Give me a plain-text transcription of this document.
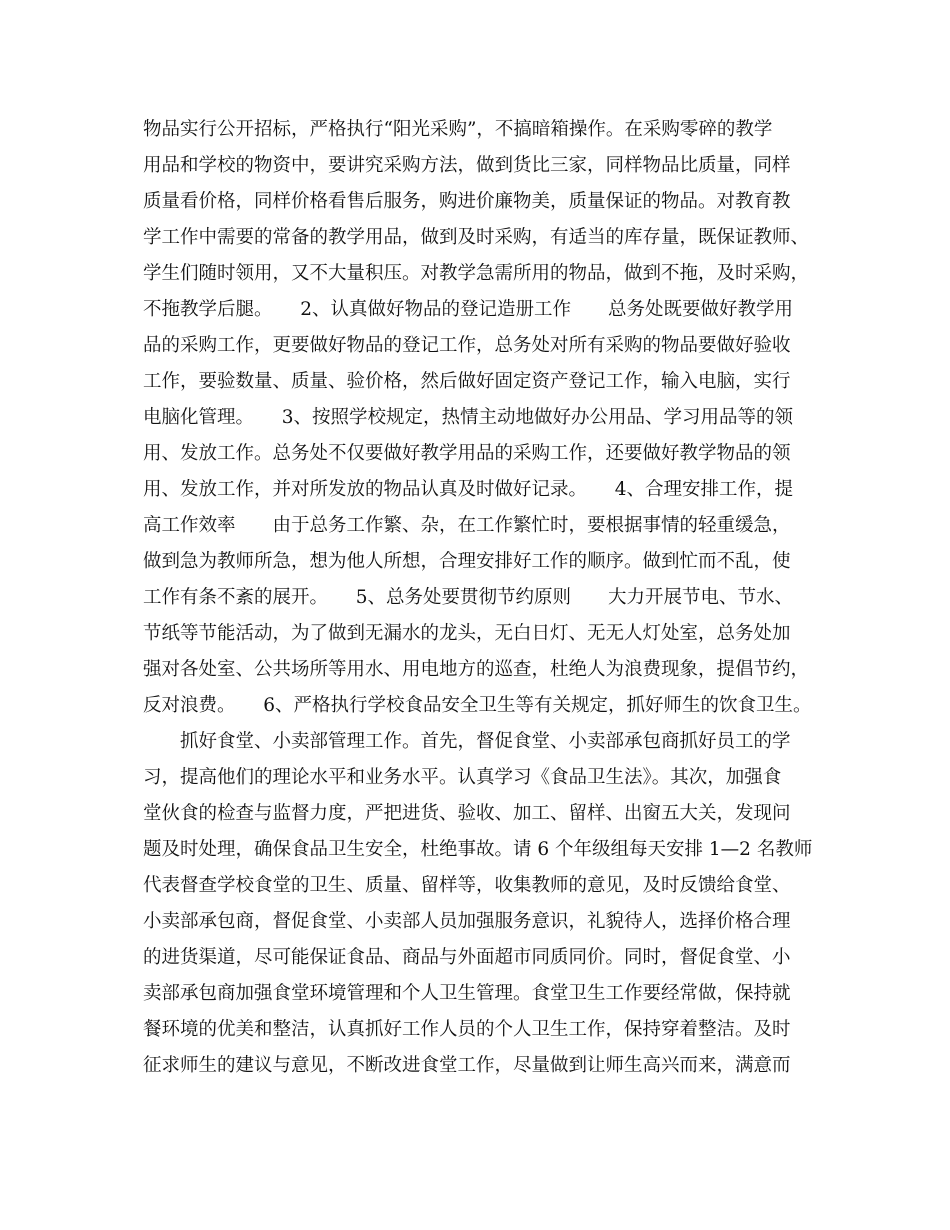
物品实行公开招标，严格执行“阳光采购”，不搞暗箱操作。在采购零碎的教学
用品和学校的物资中，要讲究采购方法，做到货比三家，同样物品比质量，同样
质量看价格，同样价格看售后服务，购进价廉物美，质量保证的物品。对教育教
学工作中需要的常备的教学用品，做到及时采购，有适当的库存量，既保证教师、
学生们随时领用，又不大量积压。对教学急需所用的物品，做到不拖，及时采购，
不拖教学后腿。　　2、认真做好物品的登记造册工作　　总务处既要做好教学用
品的采购工作，更要做好物品的登记工作，总务处对所有采购的物品要做好验收
工作，要验数量、质量、验价格，然后做好固定资产登记工作，输入电脑，实行
电脑化管理。　　3、按照学校规定，热情主动地做好办公用品、学习用品等的领
用、发放工作。总务处不仅要做好教学用品的采购工作，还要做好教学物品的领
用、发放工作，并对所发放的物品认真及时做好记录。　　4、合理安排工作，提
高工作效率　　由于总务工作繁、杂，在工作繁忙时，要根据事情的轻重缓急，
做到急为教师所急，想为他人所想，合理安排好工作的顺序。做到忙而不乱，使
工作有条不紊的展开。　　5、总务处要贯彻节约原则　　大力开展节电、节水、
节纸等节能活动，为了做到无漏水的龙头，无白日灯、无无人灯处室，总务处加
强对各处室、公共场所等用水、用电地方的巡查，杜绝人为浪费现象，提倡节约，
反对浪费。　　6、严格执行学校食品安全卫生等有关规定，抓好师生的饮食卫生。
　　抓好食堂、小卖部管理工作。首先，督促食堂、小卖部承包商抓好员工的学
习，提高他们的理论水平和业务水平。认真学习《食品卫生法》。其次，加强食
堂伙食的检查与监督力度，严把进货、验收、加工、留样、出窗五大关，发现问
题及时处理，确保食品卫生安全，杜绝事故。请 6 个年级组每天安排 1—2 名教师
代表督查学校食堂的卫生、质量、留样等，收集教师的意见，及时反馈给食堂、
小卖部承包商，督促食堂、小卖部人员加强服务意识，礼貌待人，选择价格合理
的进货渠道，尽可能保证食品、商品与外面超市同质同价。同时，督促食堂、小
卖部承包商加强食堂环境管理和个人卫生管理。食堂卫生工作要经常做，保持就
餐环境的优美和整洁，认真抓好工作人员的个人卫生工作，保持穿着整洁。及时
征求师生的建议与意见，不断改进食堂工作，尽量做到让师生高兴而来，满意而
